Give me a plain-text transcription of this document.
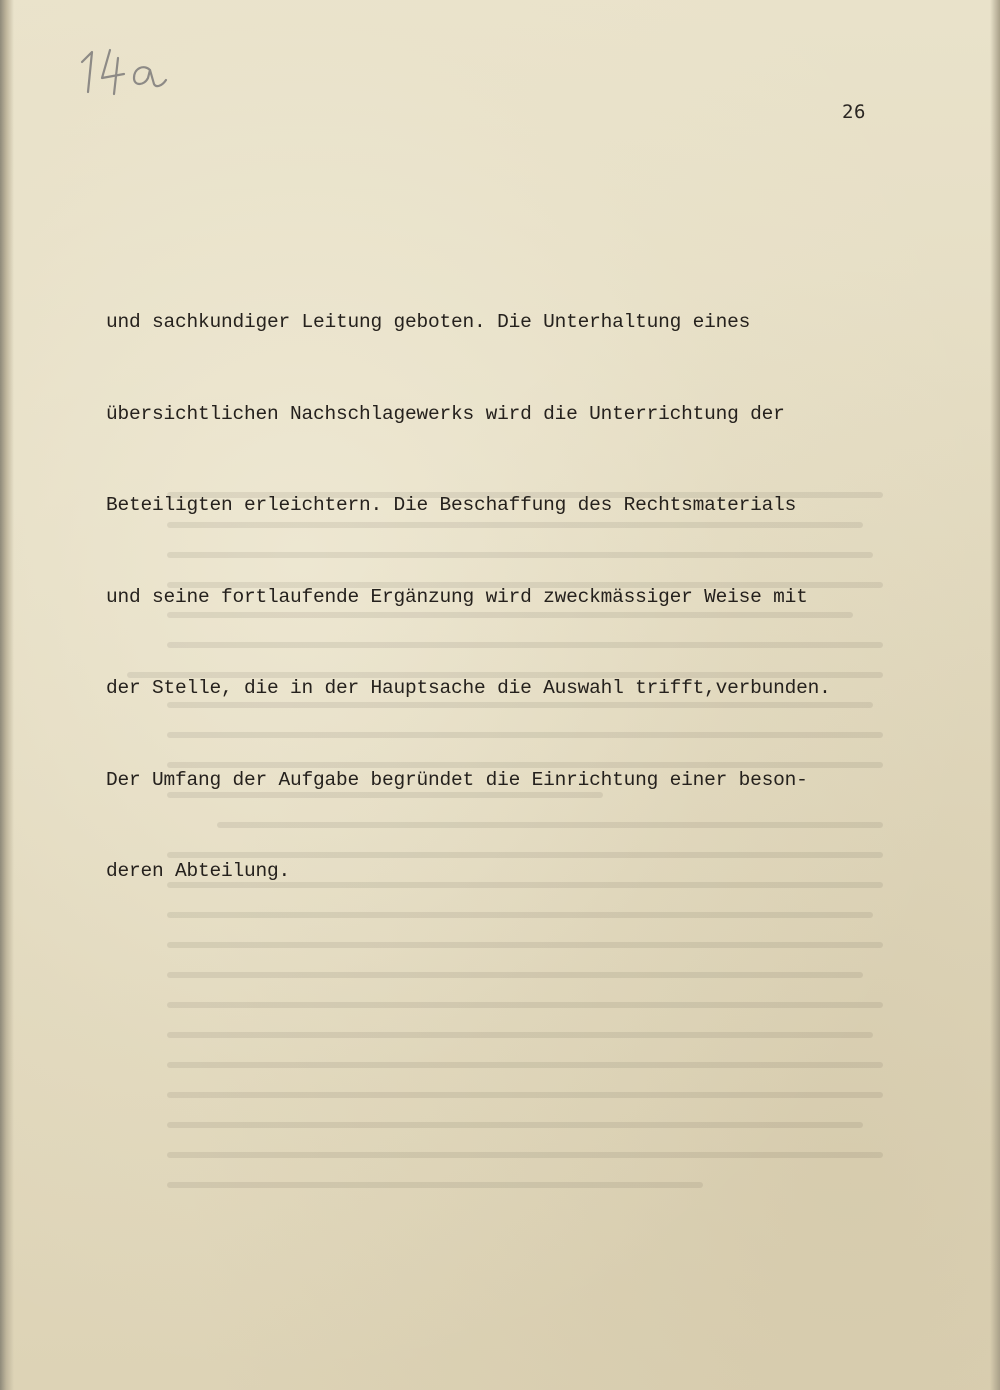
26

und sachkundiger Leitung geboten. Die Unterhaltung eines

übersichtlichen Nachschlagewerks wird die Unterrichtung der

Beteiligten erleichtern. Die Beschaffung des Rechtsmaterials

und seine fortlaufende Ergänzung wird zweckmässiger Weise mit

der Stelle, die in der Hauptsache die Auswahl trifft,verbunden.

Der Umfang der Aufgabe begründet die Einrichtung einer beson-

deren Abteilung.
